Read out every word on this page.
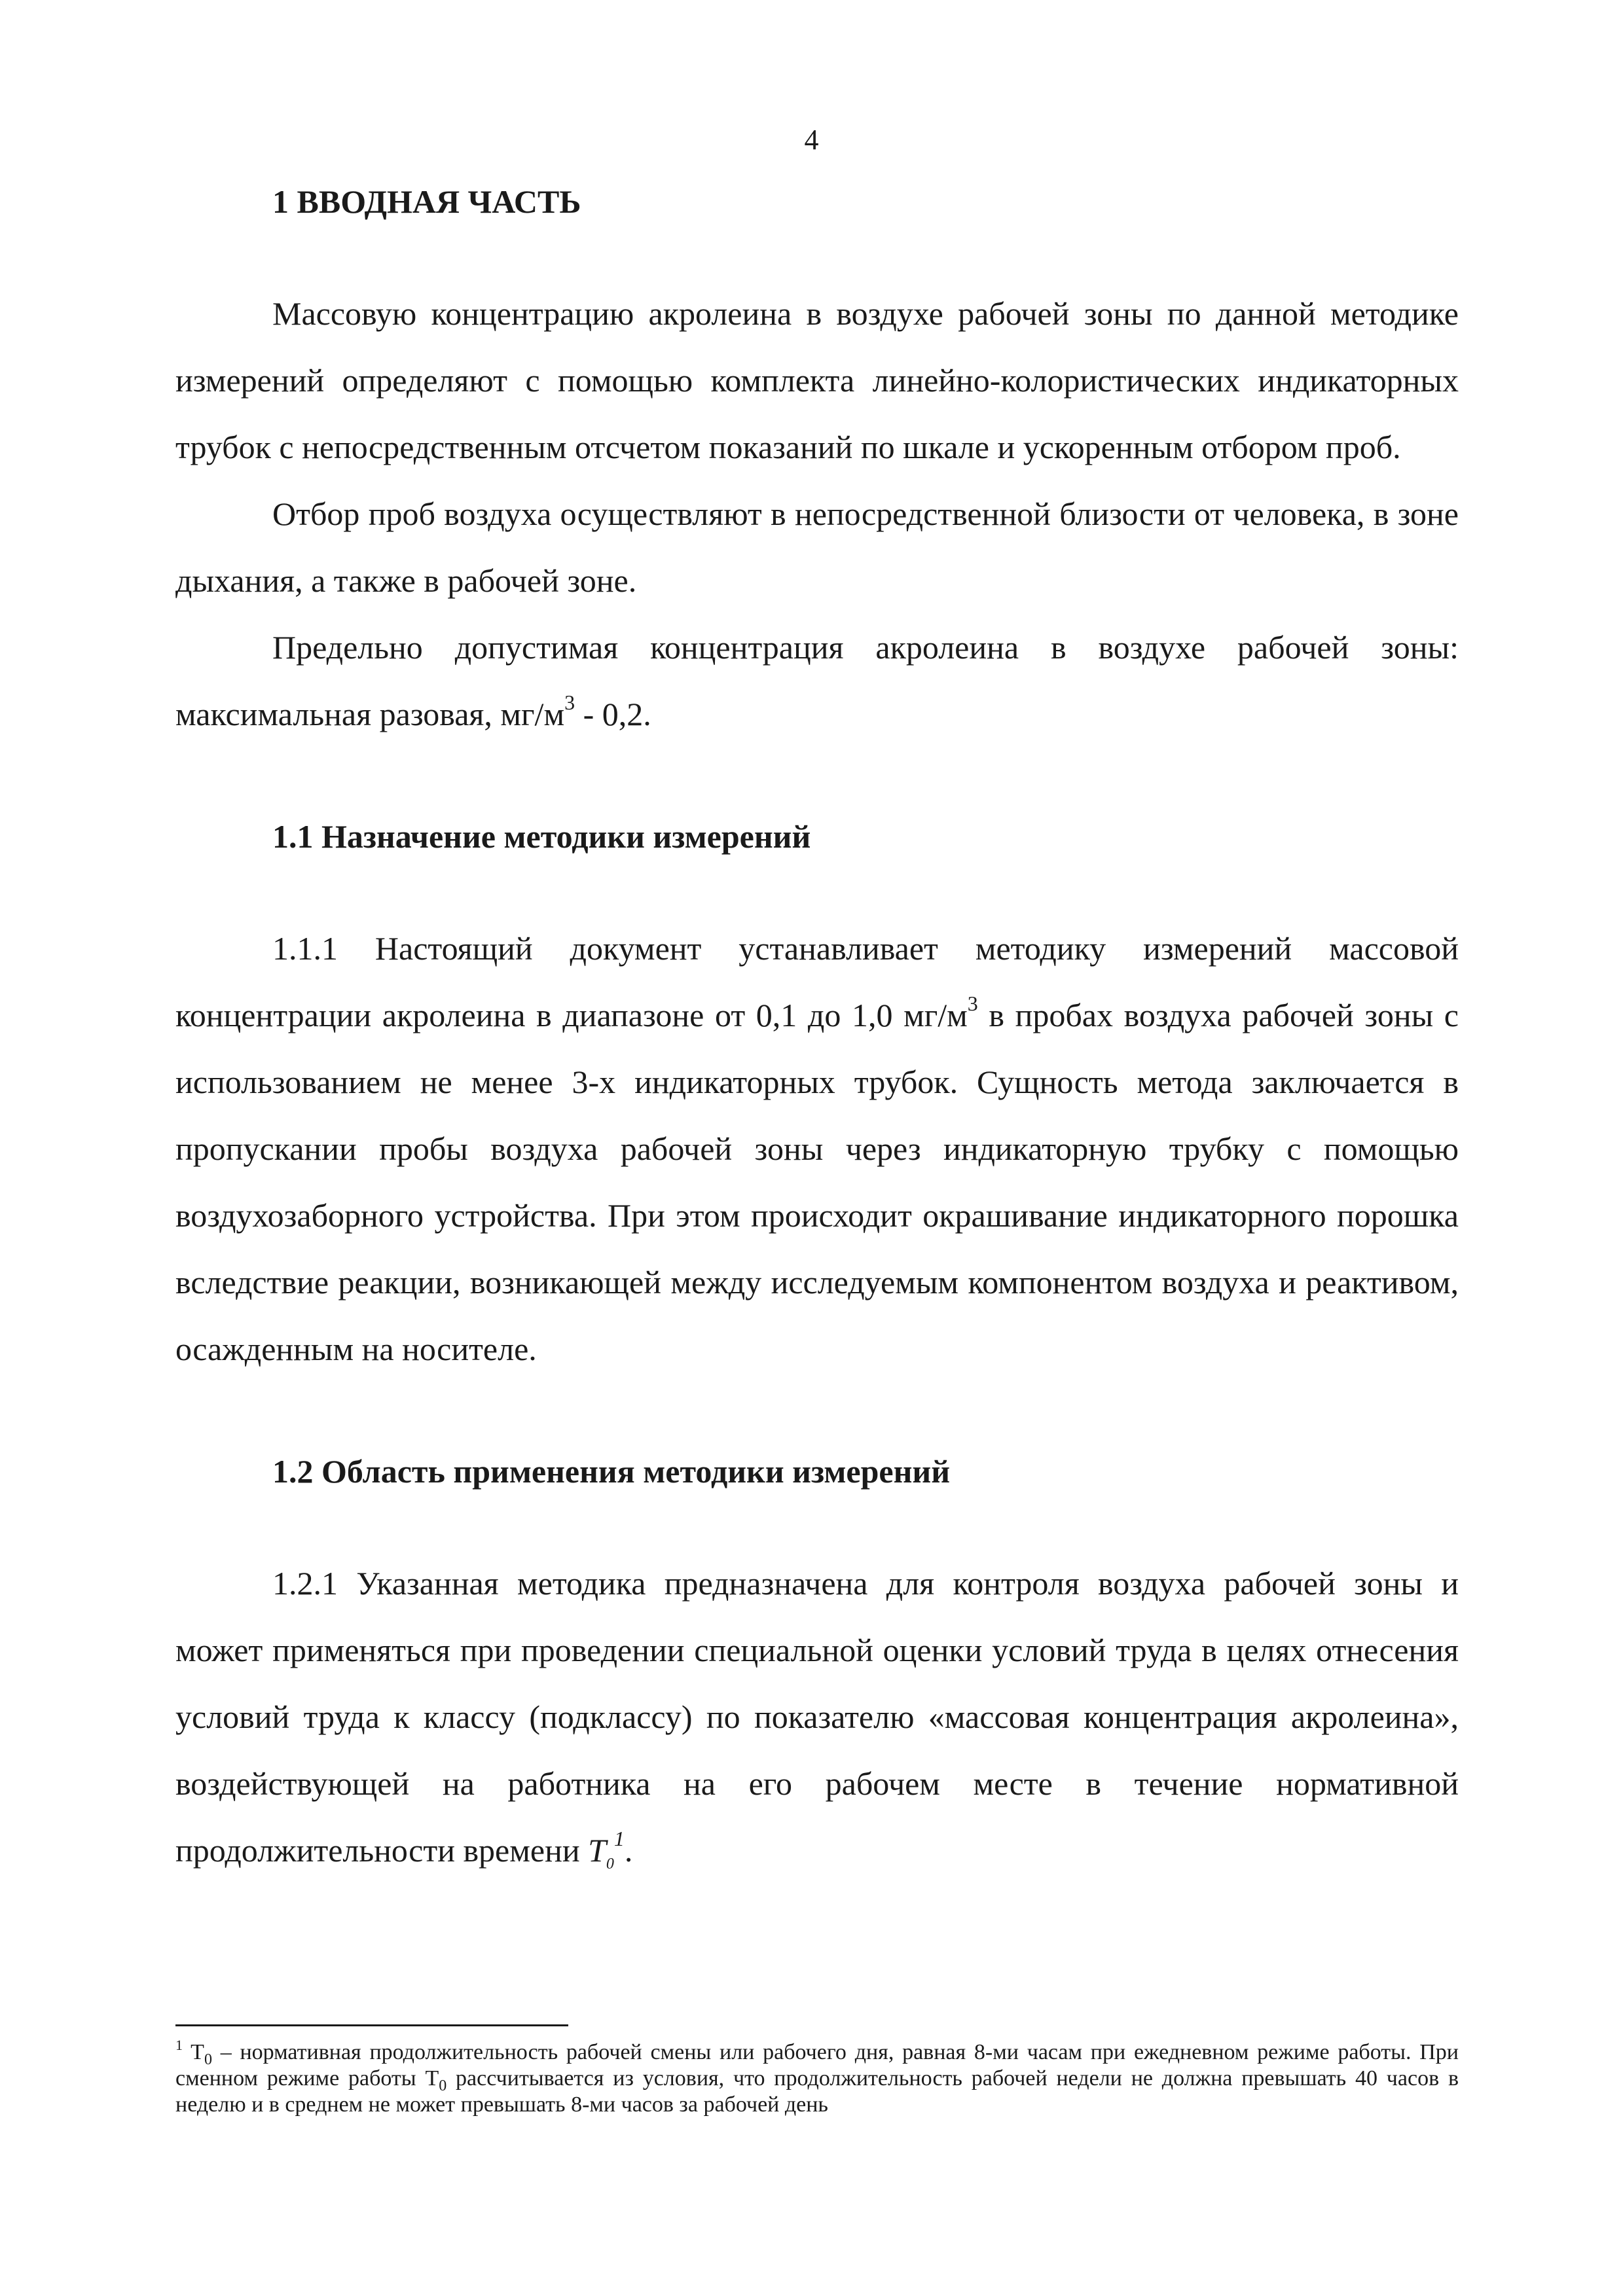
4
1 ВВОДНАЯ ЧАСТЬ

Массовую концентрацию акролеина в воздухе рабочей зоны по данной методике измерений определяют с помощью комплекта линейно-колористических индикаторных трубок с непосредственным отсчетом показаний по шкале и ускоренным отбором проб.

Отбор проб воздуха осуществляют в непосредственной близости от человека, в зоне дыхания, а также в рабочей зоне.

Предельно допустимая концентрация акролеина в воздухе рабочей зоны: максимальная разовая, $мг/м^3 - 0,2$.

1.1 Назначение методики измерений

1.1.1 Настоящий документ устанавливает методику измерений массовой концентрации акролеина в диапазоне от 0,1 до 1,0 $мг/м^3$ в пробах воздуха рабочей зоны с использованием не менее 3-х индикаторных трубок. Сущность метода заключается в пропускании пробы воздуха рабочей зоны через индикаторную трубку с помощью воздухозаборного устройства. При этом происходит окрашивание индикаторного порошка вследствие реакции, возникающей между исследуемым компонентом воздуха и реактивом, осажденным на носителе.

1.2 Область применения методики измерений

1.2.1 Указанная методика предназначена для контроля воздуха рабочей зоны и может применяться при проведении специальной оценки условий труда в целях отнесения условий труда к классу (подклассу) по показателю «массовая концентрация акролеина», воздействующей на работника на его рабочем месте в течение нормативной продолжительности времени $T_0^1$.

$^1$ $T_0$ – нормативная продолжительность рабочей смены или рабочего дня, равная 8-ми часам при ежедневном режиме работы. При сменном режиме работы $T_0$ рассчитывается из условия, что продолжительность рабочей недели не должна превышать 40 часов в неделю и в среднем не может превышать 8-ми часов за рабочей день
